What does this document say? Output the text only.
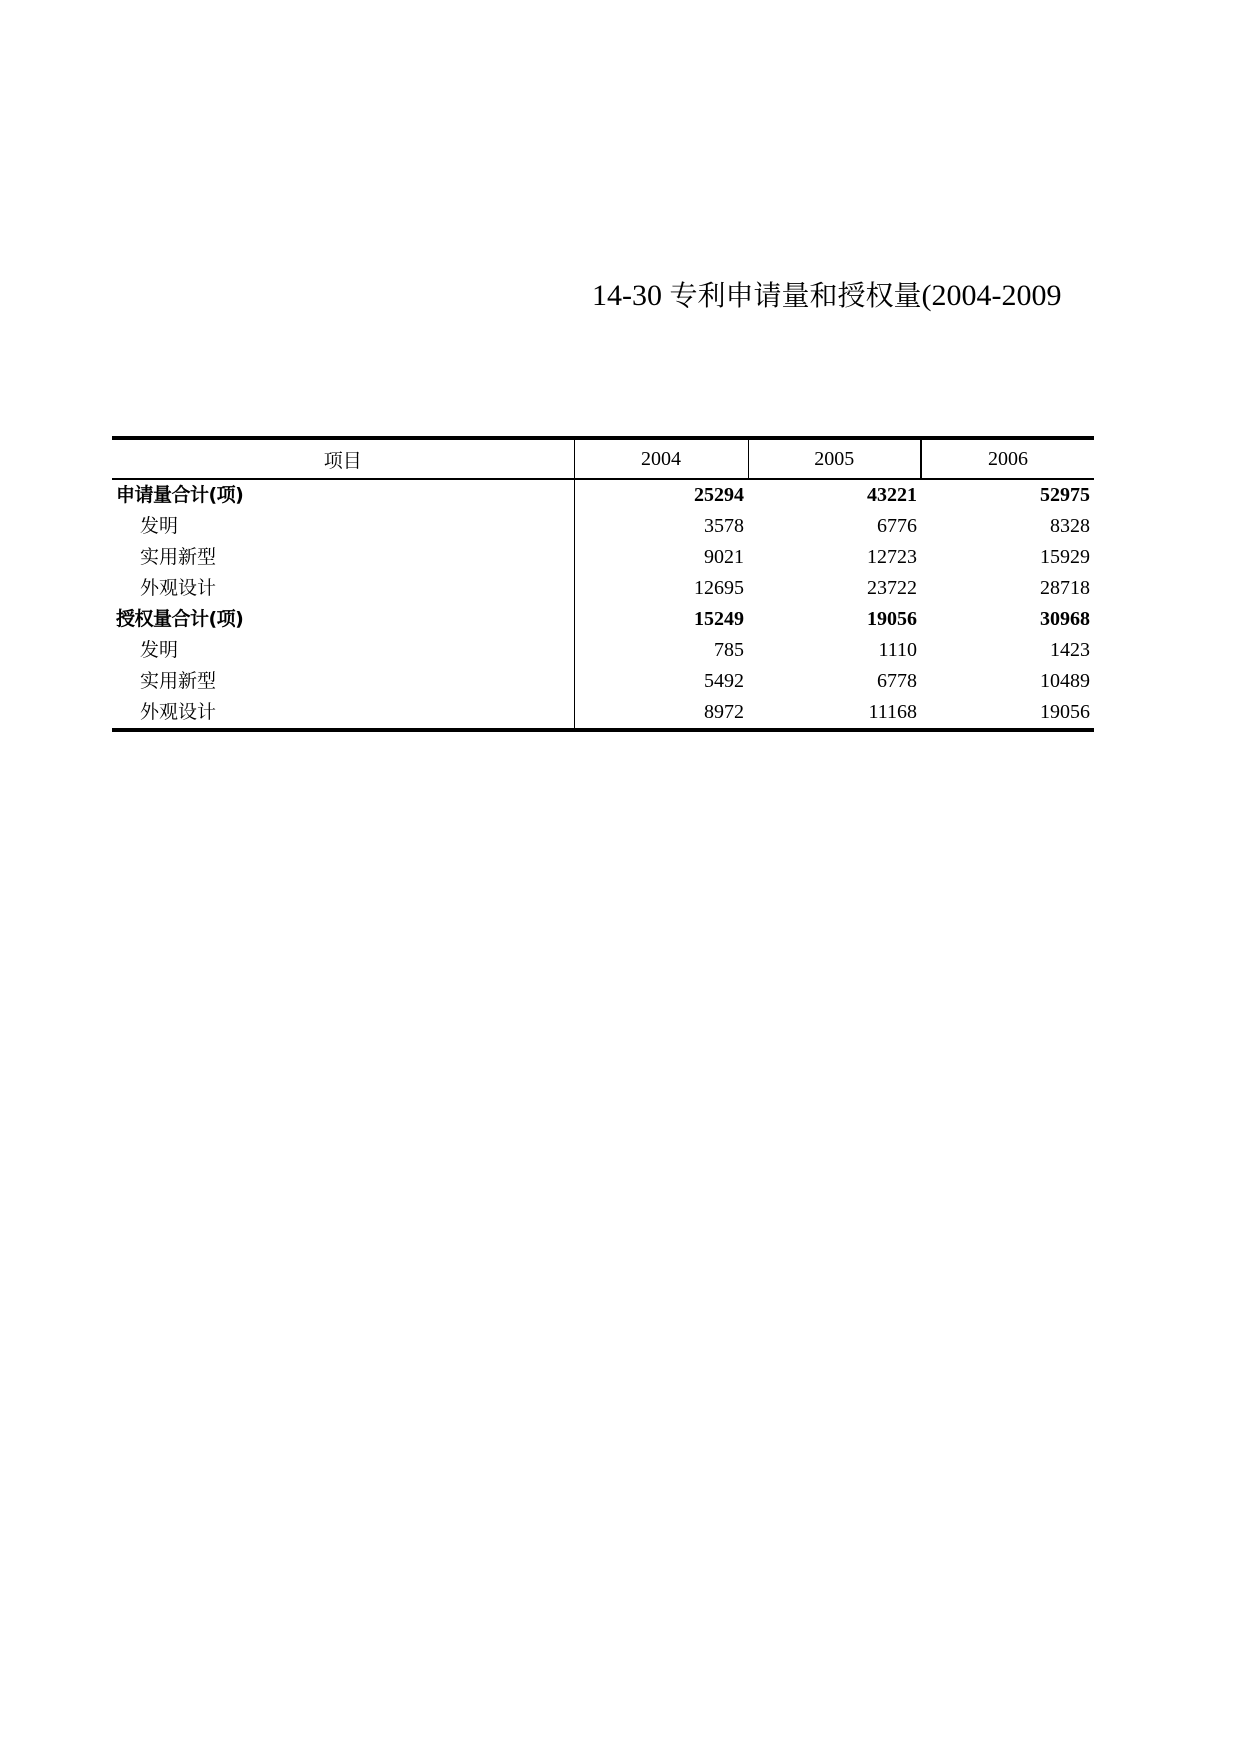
14-30 专利申请量和授权量(2004-2009
项目	2004	2005	2006
申请量合计(项)	25294	43221	52975
发明	3578	6776	8328
实用新型	9021	12723	15929
外观设计	12695	23722	28718
授权量合计(项)	15249	19056	30968
发明	785	1110	1423
实用新型	5492	6778	10489
外观设计	8972	11168	19056
